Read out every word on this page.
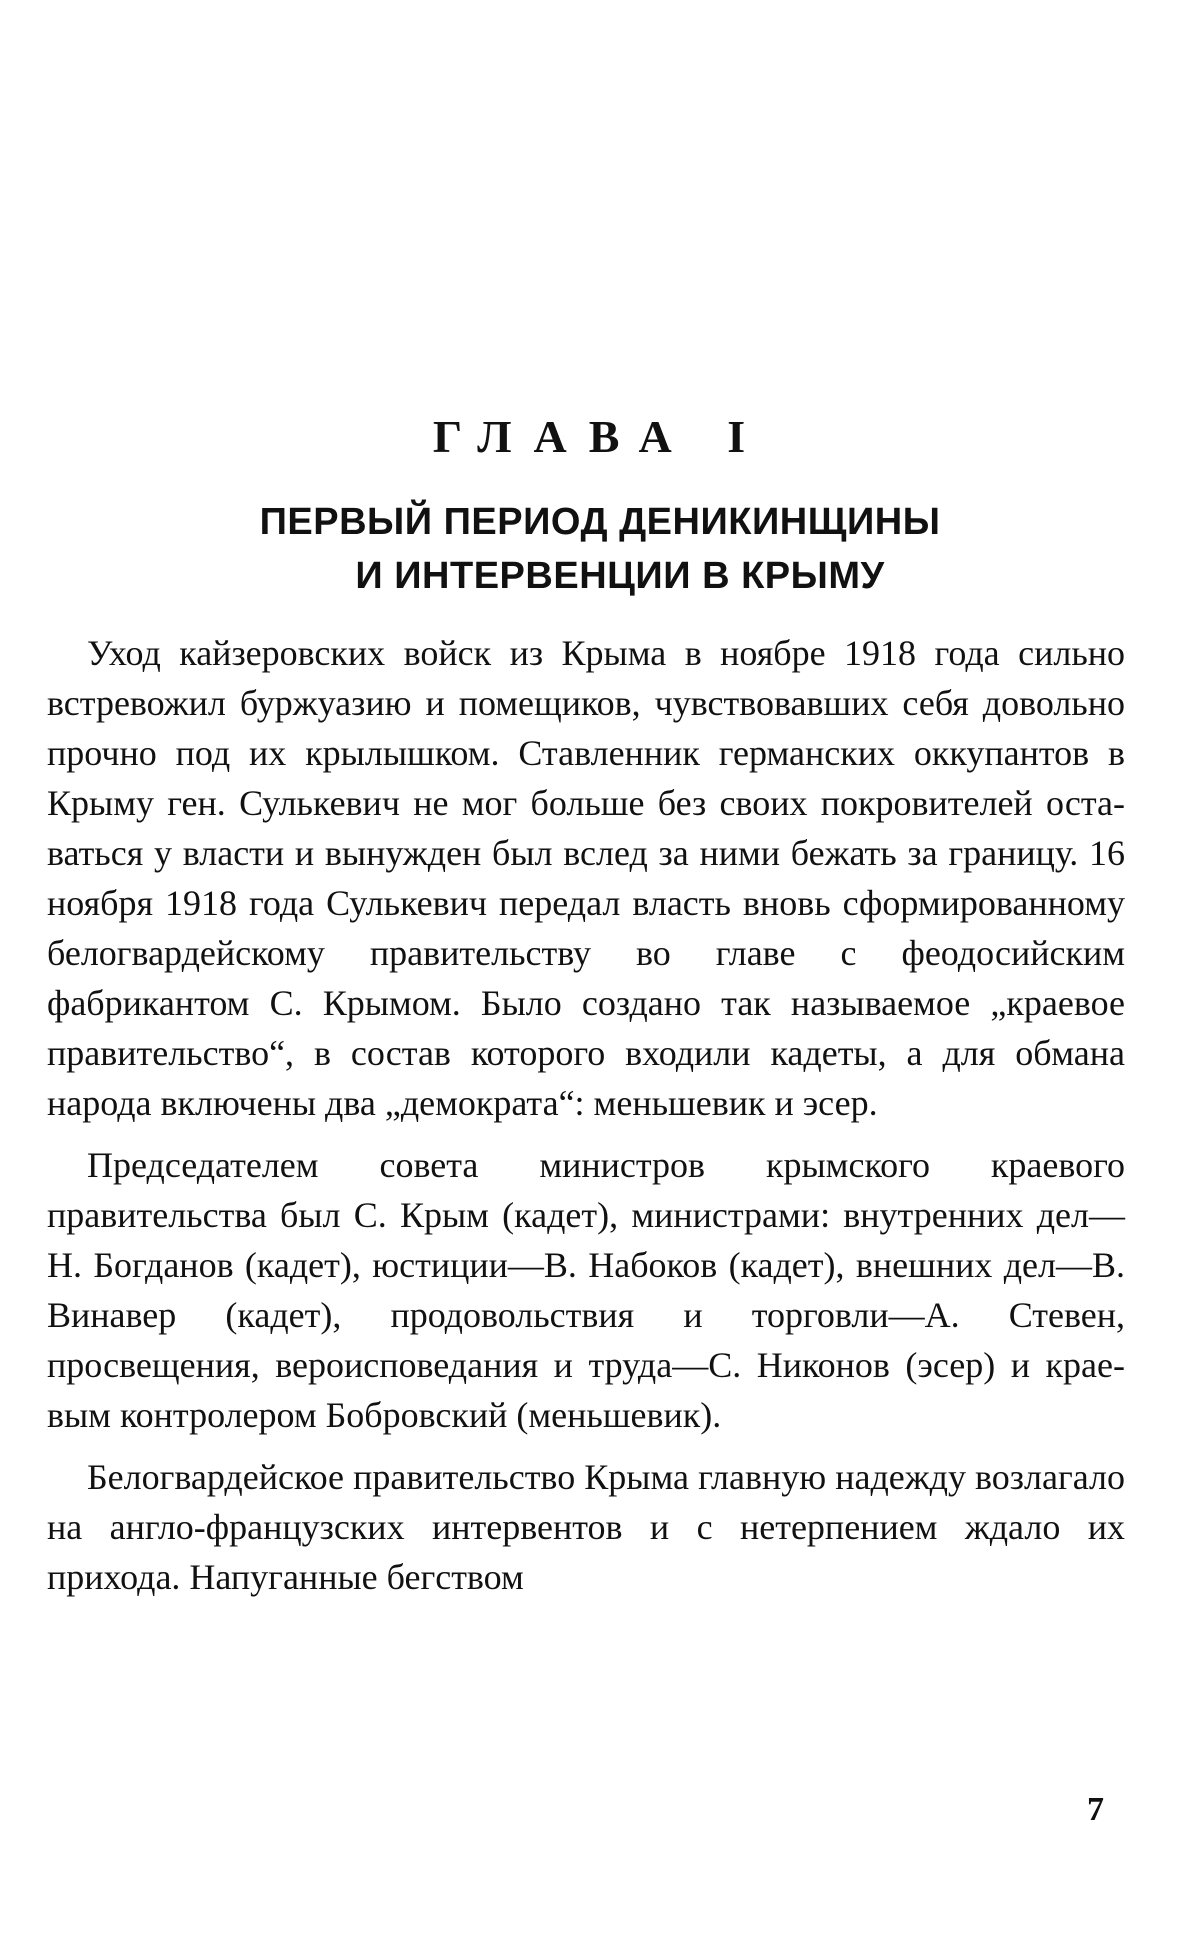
ГЛАВА I
ПЕРВЫЙ ПЕРИОД ДЕНИКИНЩИНЫ
И ИНТЕРВЕНЦИИ В КРЫМУ

Уход кайзеровских войск из Крыма в ноябре 1918 года сильно встревожил буржуазию и помещиков, чувствовавших себя довольно прочно под их крылышком. Ставленник германских оккупантов в Крыму ген. Сулькевич не мог больше без своих покровителей оставаться у власти и вынужден был вслед за ними бежать за границу. 16 ноября 1918 года Сулькевич передал власть вновь сформированному белогвардейскому правительству во главе с феодосийским фабрикантом С. Крымом. Было создано так называемое „краевое правительство“, в состав которого входили кадеты, а для обмана народа включены два „демократа“: меньшевик и эсер.

Председателем совета министров крымского краевого правительства был С. Крым (кадет), министрами: внутренних дел—Н. Богданов (кадет), юстиции—В. Набоков (кадет), внешних дел—В. Винавер (кадет), продовольствия и торговли—А. Стевен, просвещения, вероисповедания и труда—С. Никонов (эсер) и краевым контролером Бобровский (меньшевик).

Белогвардейское правительство Крыма главную надежду возлагало на англо-французских интервентов и с нетерпением ждало их прихода. Напуганные бегством

7
